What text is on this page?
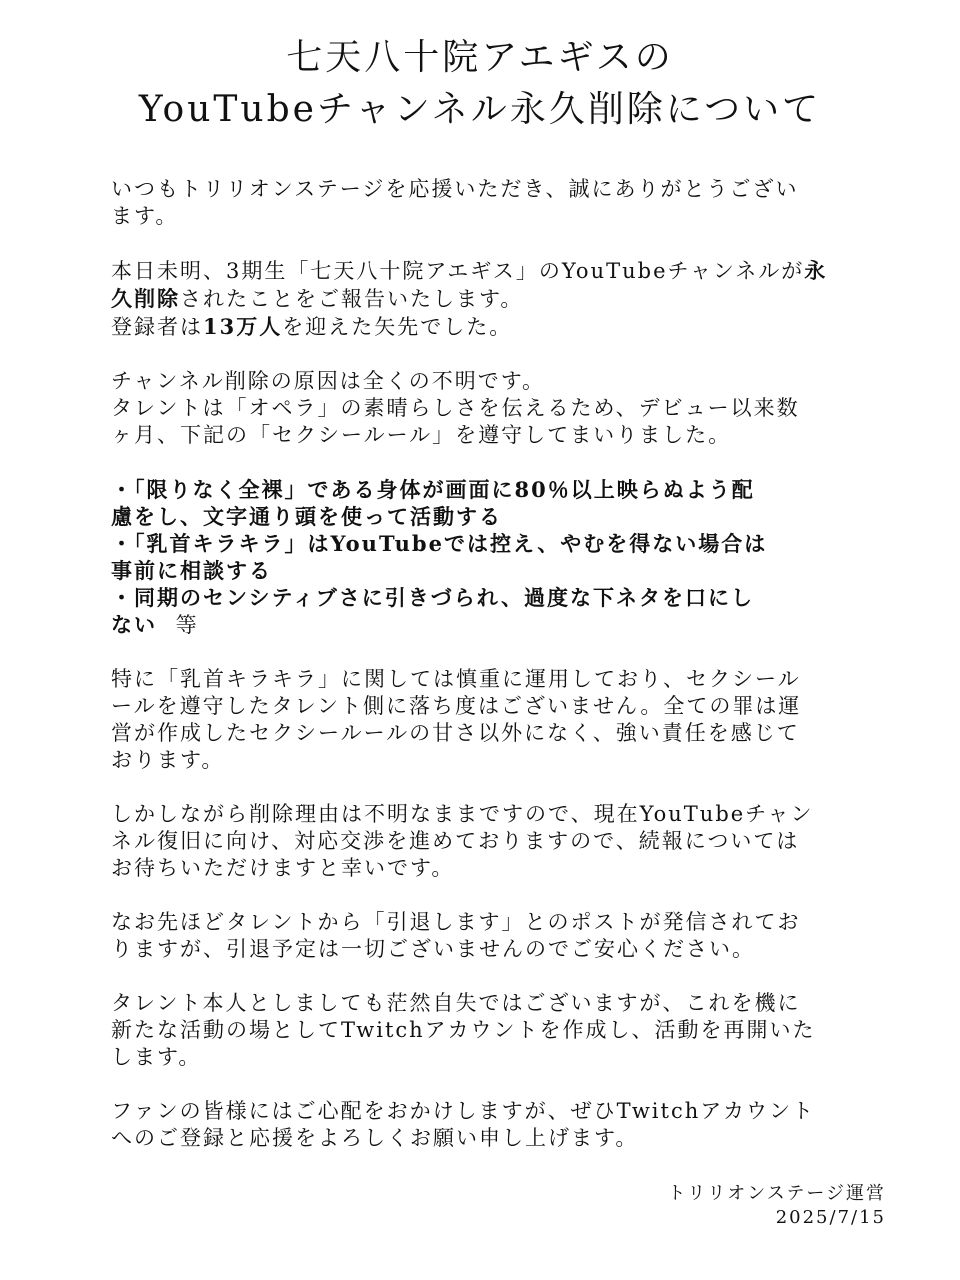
七天八十院アエギスの
YouTubeチャンネル永久削除について

いつもトリリオンステージを応援いただき、誠にありがとうござい
ます。

本日未明、3期生「七天八十院アエギス」のYouTubeチャンネルが永
久削除されたことをご報告いたします。
登録者は13万人を迎えた矢先でした。

チャンネル削除の原因は全くの不明です。
タレントは「オペラ」の素晴らしさを伝えるため、デビュー以来数
ヶ月、下記の「セクシールール」を遵守してまいりました。

・「限りなく全裸」である身体が画面に80％以上映らぬよう配
慮をし、文字通り頭を使って活動する
・「乳首キラキラ」はYouTubeでは控え、やむを得ない場合は
事前に相談する
・同期のセンシティブさに引きづられ、過度な下ネタを口にし
ない 等

特に「乳首キラキラ」に関しては慎重に運用しており、セクシール
ールを遵守したタレント側に落ち度はございません。全ての罪は運
営が作成したセクシールールの甘さ以外になく、強い責任を感じて
おります。

しかしながら削除理由は不明なままですので、現在YouTubeチャン
ネル復旧に向け、対応交渉を進めておりますので、続報については
お待ちいただけますと幸いです。

なお先ほどタレントから「引退します」とのポストが発信されてお
りますが、引退予定は一切ございませんのでご安心ください。

タレント本人としましても茫然自失ではございますが、これを機に
新たな活動の場としてTwitchアカウントを作成し、活動を再開いた
します。

ファンの皆様にはご心配をおかけしますが、ぜひTwitchアカウント
へのご登録と応援をよろしくお願い申し上げます。

トリリオンステージ運営
2025/7/15
